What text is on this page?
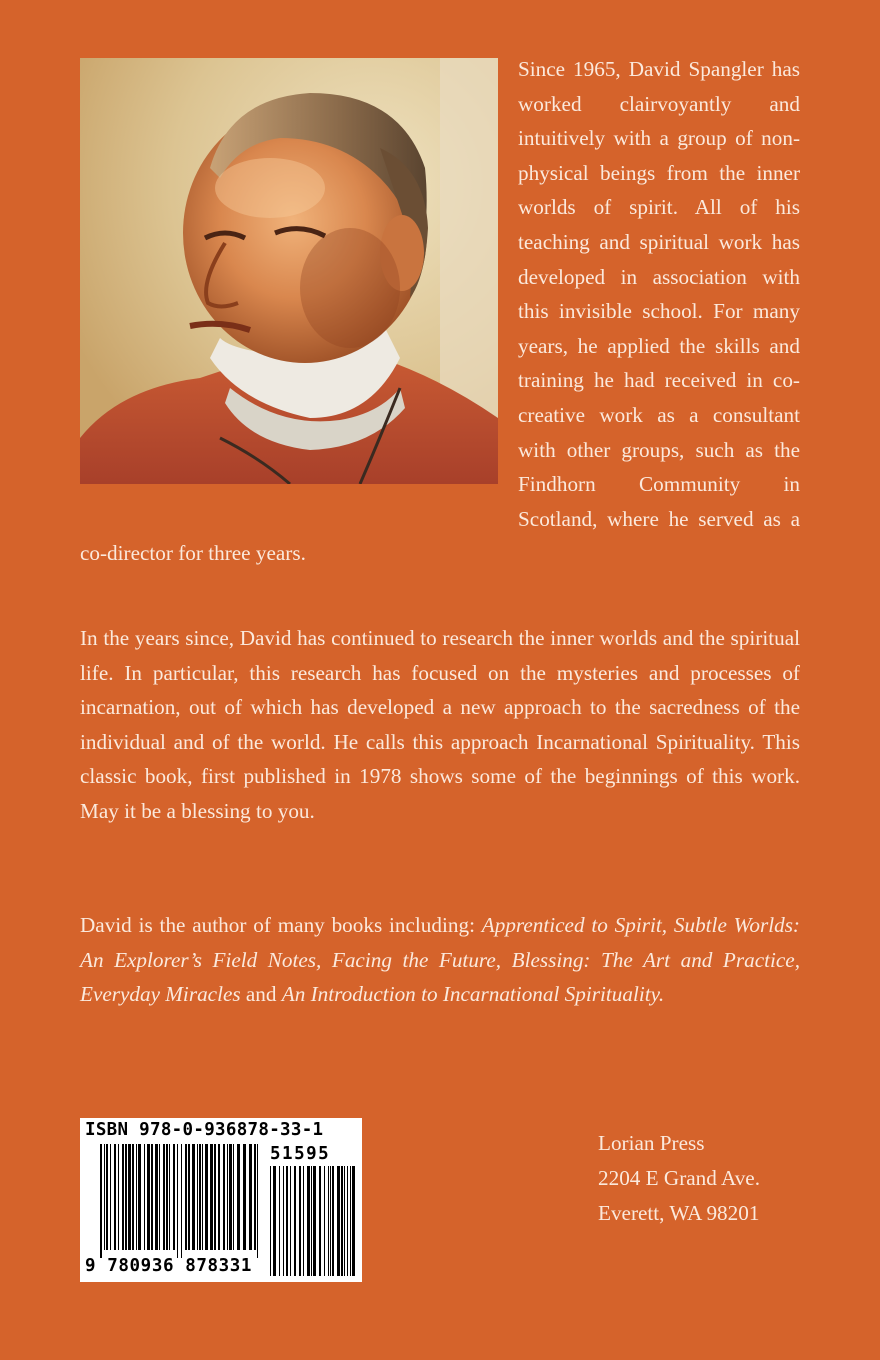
Since 1965, David Spangler has worked clairvoyantly and intuitively with a group of non-physical beings from the inner worlds of spirit. All of his teaching and spiritual work has developed in association with this invisible school. For many years, he applied the skills and training he had received in co-creative work as a consultant with other groups, such as the Findhorn Community in Scotland, where he served as a co-director for three years.

In the years since, David has continued to research the inner worlds and the spiritual life. In particular, this research has focused on the mysteries and processes of incarnation, out of which has developed a new approach to the sacredness of the individual and of the world. He calls this approach Incarnational Spirituality. This classic book, first published in 1978 shows some of the beginnings of this work. May it be a blessing to you.

David is the author of many books including: Apprenticed to Spirit, Subtle Worlds: An Explorer’s Field Notes, Facing the Future, Blessing: The Art and Practice, Everyday Miracles and An Introduction to Incarnational Spirituality.

ISBN 978-0-936878-33-1
51595
9 780936 878331
Lorian Press
2204 E Grand Ave.
Everett, WA 98201
